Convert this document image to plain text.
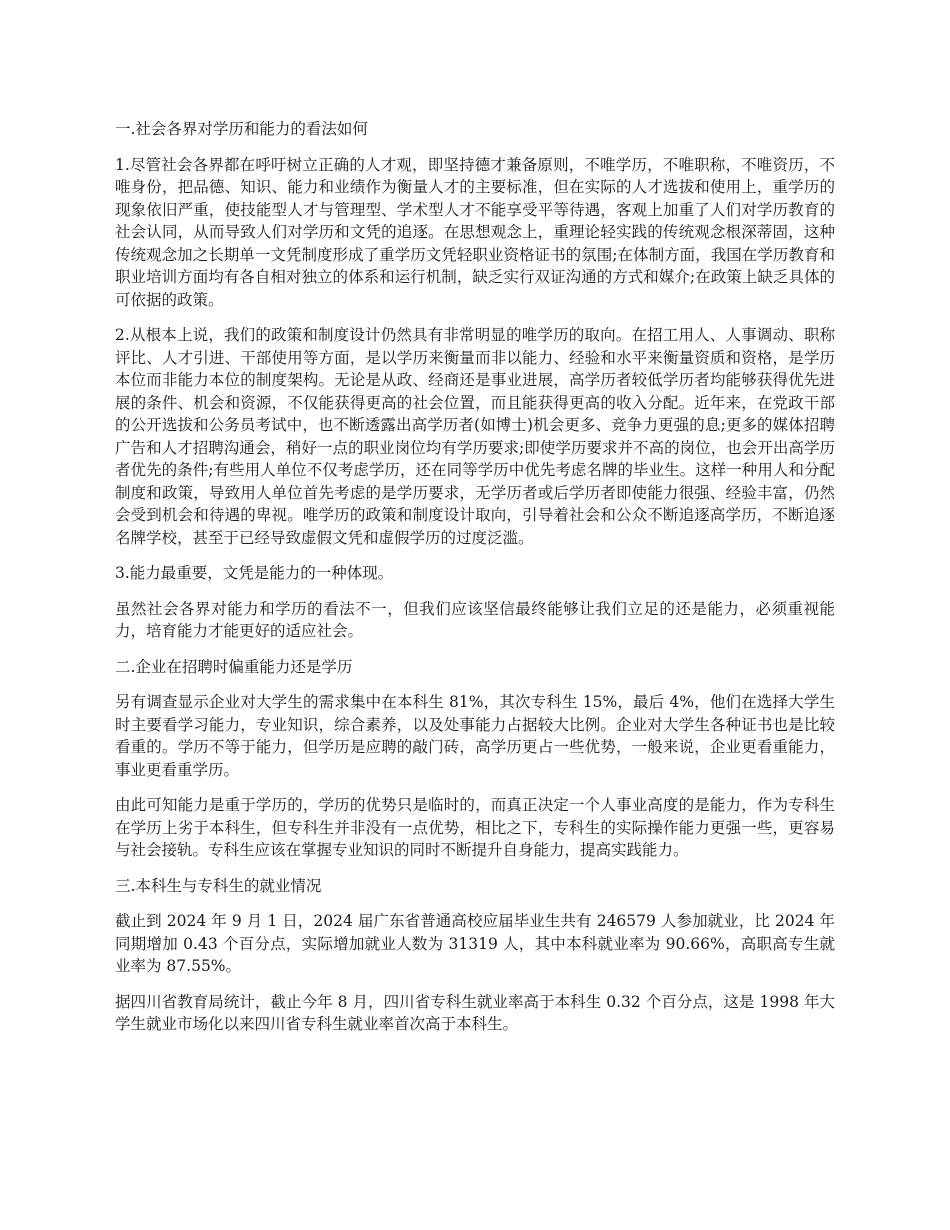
一.社会各界对学历和能力的看法如何

1.尽管社会各界都在呼吁树立正确的人才观，即坚持德才兼备原则，不唯学历，不唯职称，不唯资历，不唯身份，把品德、知识、能力和业绩作为衡量人才的主要标准，但在实际的人才选拔和使用上，重学历的现象依旧严重，使技能型人才与管理型、学术型人才不能享受平等待遇，客观上加重了人们对学历教育的社会认同，从而导致人们对学历和文凭的追逐。在思想观念上，重理论轻实践的传统观念根深蒂固，这种传统观念加之长期单一文凭制度形成了重学历文凭轻职业资格证书的氛围;在体制方面，我国在学历教育和职业培训方面均有各自相对独立的体系和运行机制，缺乏实行双证沟通的方式和媒介;在政策上缺乏具体的可依据的政策。

2.从根本上说，我们的政策和制度设计仍然具有非常明显的唯学历的取向。在招工用人、人事调动、职称评比、人才引进、干部使用等方面，是以学历来衡量而非以能力、经验和水平来衡量资质和资格，是学历本位而非能力本位的制度架构。无论是从政、经商还是事业进展，高学历者较低学历者均能够获得优先进展的条件、机会和资源，不仅能获得更高的社会位置，而且能获得更高的收入分配。近年来，在党政干部的公开选拔和公务员考试中，也不断透露出高学历者(如博士)机会更多、竞争力更强的息;更多的媒体招聘广告和人才招聘沟通会，稍好一点的职业岗位均有学历要求;即使学历要求并不高的岗位，也会开出高学历者优先的条件;有些用人单位不仅考虑学历，还在同等学历中优先考虑名牌的毕业生。这样一种用人和分配制度和政策，导致用人单位首先考虑的是学历要求，无学历者或后学历者即使能力很强、经验丰富，仍然会受到机会和待遇的卑视。唯学历的政策和制度设计取向，引导着社会和公众不断追逐高学历，不断追逐名牌学校，甚至于已经导致虚假文凭和虚假学历的过度泛滥。

3.能力最重要，文凭是能力的一种体现。

虽然社会各界对能力和学历的看法不一，但我们应该坚信最终能够让我们立足的还是能力，必须重视能力，培育能力才能更好的适应社会。

二.企业在招聘时偏重能力还是学历

另有调查显示企业对大学生的需求集中在本科生 81%，其次专科生 15%，最后 4%，他们在选择大学生时主要看学习能力，专业知识，综合素养，以及处事能力占据较大比例。企业对大学生各种证书也是比较看重的。学历不等于能力，但学历是应聘的敲门砖，高学历更占一些优势，一般来说，企业更看重能力，事业更看重学历。

由此可知能力是重于学历的，学历的优势只是临时的，而真正决定一个人事业高度的是能力，作为专科生在学历上劣于本科生，但专科生并非没有一点优势，相比之下，专科生的实际操作能力更强一些，更容易与社会接轨。专科生应该在掌握专业知识的同时不断提升自身能力，提高实践能力。

三.本科生与专科生的就业情况

截止到 2024 年 9 月 1 日，2024 届广东省普通高校应届毕业生共有 246579 人参加就业，比 2024 年同期增加 0.43 个百分点，实际增加就业人数为 31319 人，其中本科就业率为 90.66%，高职高专生就业率为 87.55%。

据四川省教育局统计，截止今年 8 月，四川省专科生就业率高于本科生 0.32 个百分点，这是 1998 年大学生就业市场化以来四川省专科生就业率首次高于本科生。
